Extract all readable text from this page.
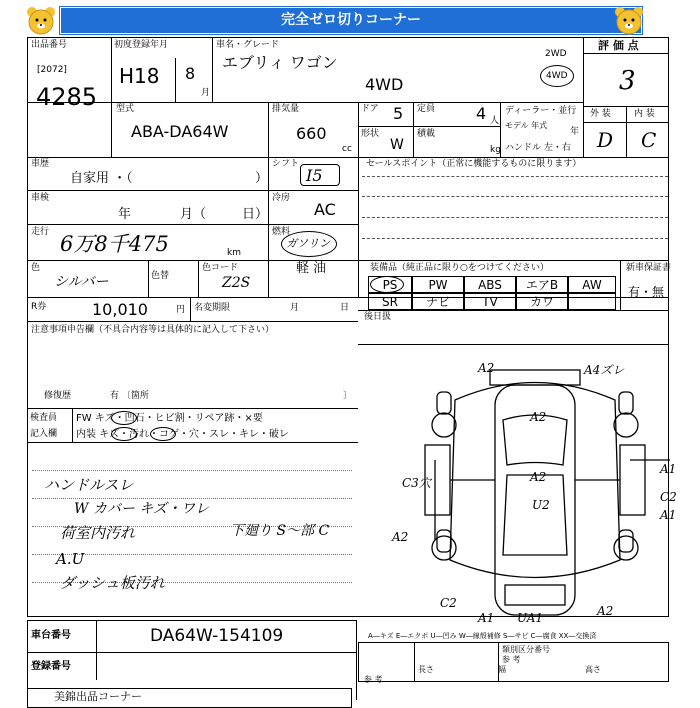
完全ゼロ切りコーナー
出品番号
[2072]
4285
初度登録年月
H18 8
月
車名・グレード
エブリィ ワゴン
4WD
2WD
4WD
評 価 点
3
外 装	内 装
D C
型式
ABA-DA64W
排気量
660
cc
ドア 5
形状
W
定員	4 人
積載
kg
ディーラー・並行
モデル 年式
年
ハンドル 左・右
車歴
自家用 ・（	）
シフト
I5
セールスポイント（正常に機能するものに限ります）
車検
年	月（	日）
冷房
AC
走行 6万8千475	km
燃料
ガソリン
軽 油
色
シルバー	色替
色コード
Z2S
装備品（純正品に限り○をつけてください）	新車保証書
有・無
PS	PW	ABS	エアB	AW
SR	ナビ	TV	カワ
R券	10,010	円 名変期限	月	日
後日扱
注意事項申告欄（不具合内容等は具体的に記入して下さい）
修復歴	有 〔箇所	〕
検査員
記入欄
FW キズ・凹石・ヒビ割・リペア跡・×要
内装 キズ・汚れ・コゲ・穴・スレ・キレ・破レ
ハンドルスレ
W カバー キズ・ワレ
荷室内汚れ
A.U
ダッシュ板汚れ
下廻り S～部 C
A2	A4ズレ
A2
A2
U2
C3穴
A1
C2
A1
A2
C2
A1 UA1	A2
車台番号	DA64W-154109
登録番号
A―キズ E―エクボ U―凹み W―線殻補修 S―サビ C―腐食 XX―交換済
長さ	幅	高さ
参 考
類別区分番号
参 考
美錦出品コーナー
